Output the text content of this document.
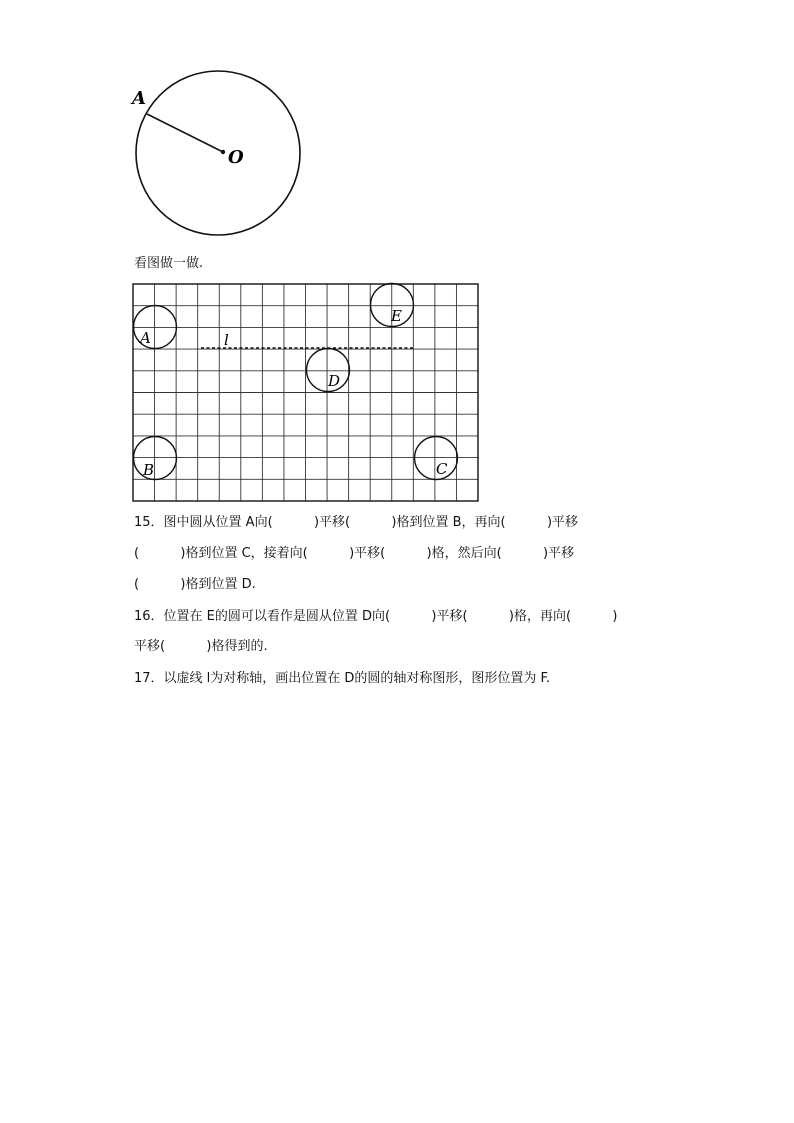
A
O
看图做一做.
l
A
B	C
D
E
15．图中圆从位置 A向(          )平移(          )格到位置 B，再向(          )平移
(          )格到位置 C，接着向(          )平移(          )格，然后向(          )平移
(          )格到位置 D.
16．位置在 E的圆可以看作是圆从位置 D向(          )平移(          )格，再向(          )
平移(          )格得到的.
17．以虚线 l为对称轴，画出位置在 D的圆的轴对称图形，图形位置为 F.
